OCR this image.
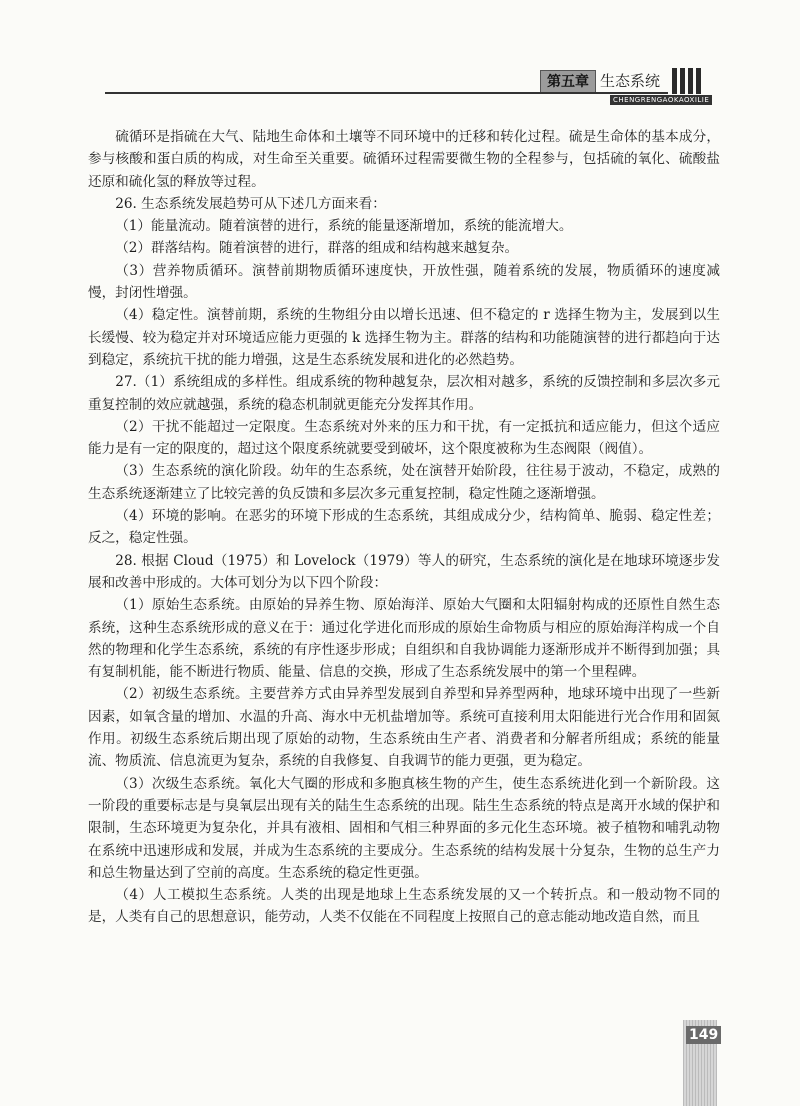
第五章 生态系统
CHENGRENGAOKAOXILIE

硫循环是指硫在大气、陆地生命体和土壤等不同环境中的迁移和转化过程。硫是生命体的基本成分，参与核酸和蛋白质的构成，对生命至关重要。硫循环过程需要微生物的全程参与，包括硫的氧化、硫酸盐还原和硫化氢的释放等过程。

26. 生态系统发展趋势可从下述几方面来看：

（1）能量流动。随着演替的进行，系统的能量逐渐增加，系统的能流增大。

（2）群落结构。随着演替的进行，群落的组成和结构越来越复杂。

（3）营养物质循环。演替前期物质循环速度快，开放性强，随着系统的发展，物质循环的速度减慢，封闭性增强。

（4）稳定性。演替前期，系统的生物组分由以增长迅速、但不稳定的 r 选择生物为主，发展到以生长缓慢、较为稳定并对环境适应能力更强的 k 选择生物为主。群落的结构和功能随演替的进行都趋向于达到稳定，系统抗干扰的能力增强，这是生态系统发展和进化的必然趋势。

27.（1）系统组成的多样性。组成系统的物种越复杂，层次相对越多，系统的反馈控制和多层次多元重复控制的效应就越强，系统的稳态机制就更能充分发挥其作用。

（2）干扰不能超过一定限度。生态系统对外来的压力和干扰，有一定抵抗和适应能力，但这个适应能力是有一定的限度的，超过这个限度系统就要受到破坏，这个限度被称为生态阀限（阀值）。

（3）生态系统的演化阶段。幼年的生态系统，处在演替开始阶段，往往易于波动，不稳定，成熟的生态系统逐渐建立了比较完善的负反馈和多层次多元重复控制，稳定性随之逐渐增强。

（4）环境的影响。在恶劣的环境下形成的生态系统，其组成成分少，结构简单、脆弱、稳定性差；反之，稳定性强。

28. 根据 Cloud（1975）和 Lovelock（1979）等人的研究，生态系统的演化是在地球环境逐步发展和改善中形成的。大体可划分为以下四个阶段：

（1）原始生态系统。由原始的异养生物、原始海洋、原始大气圈和太阳辐射构成的还原性自然生态系统，这种生态系统形成的意义在于：通过化学进化而形成的原始生命物质与相应的原始海洋构成一个自然的物理和化学生态系统，系统的有序性逐步形成；自组织和自我协调能力逐渐形成并不断得到加强；具有复制机能，能不断进行物质、能量、信息的交换，形成了生态系统发展中的第一个里程碑。

（2）初级生态系统。主要营养方式由异养型发展到自养型和异养型两种，地球环境中出现了一些新因素，如氧含量的增加、水温的升高、海水中无机盐增加等。系统可直接利用太阳能进行光合作用和固氮作用。初级生态系统后期出现了原始的动物，生态系统由生产者、消费者和分解者所组成；系统的能量流、物质流、信息流更为复杂，系统的自我修复、自我调节的能力更强，更为稳定。

（3）次级生态系统。氧化大气圈的形成和多胞真核生物的产生，使生态系统进化到一个新阶段。这一阶段的重要标志是与臭氧层出现有关的陆生生态系统的出现。陆生生态系统的特点是离开水域的保护和限制，生态环境更为复杂化，并具有液相、固相和气相三种界面的多元化生态环境。被子植物和哺乳动物在系统中迅速形成和发展，并成为生态系统的主要成分。生态系统的结构发展十分复杂，生物的总生产力和总生物量达到了空前的高度。生态系统的稳定性更强。

（4）人工模拟生态系统。人类的出现是地球上生态系统发展的又一个转折点。和一般动物不同的是，人类有自己的思想意识，能劳动，人类不仅能在不同程度上按照自己的意志能动地改造自然，而且

149
